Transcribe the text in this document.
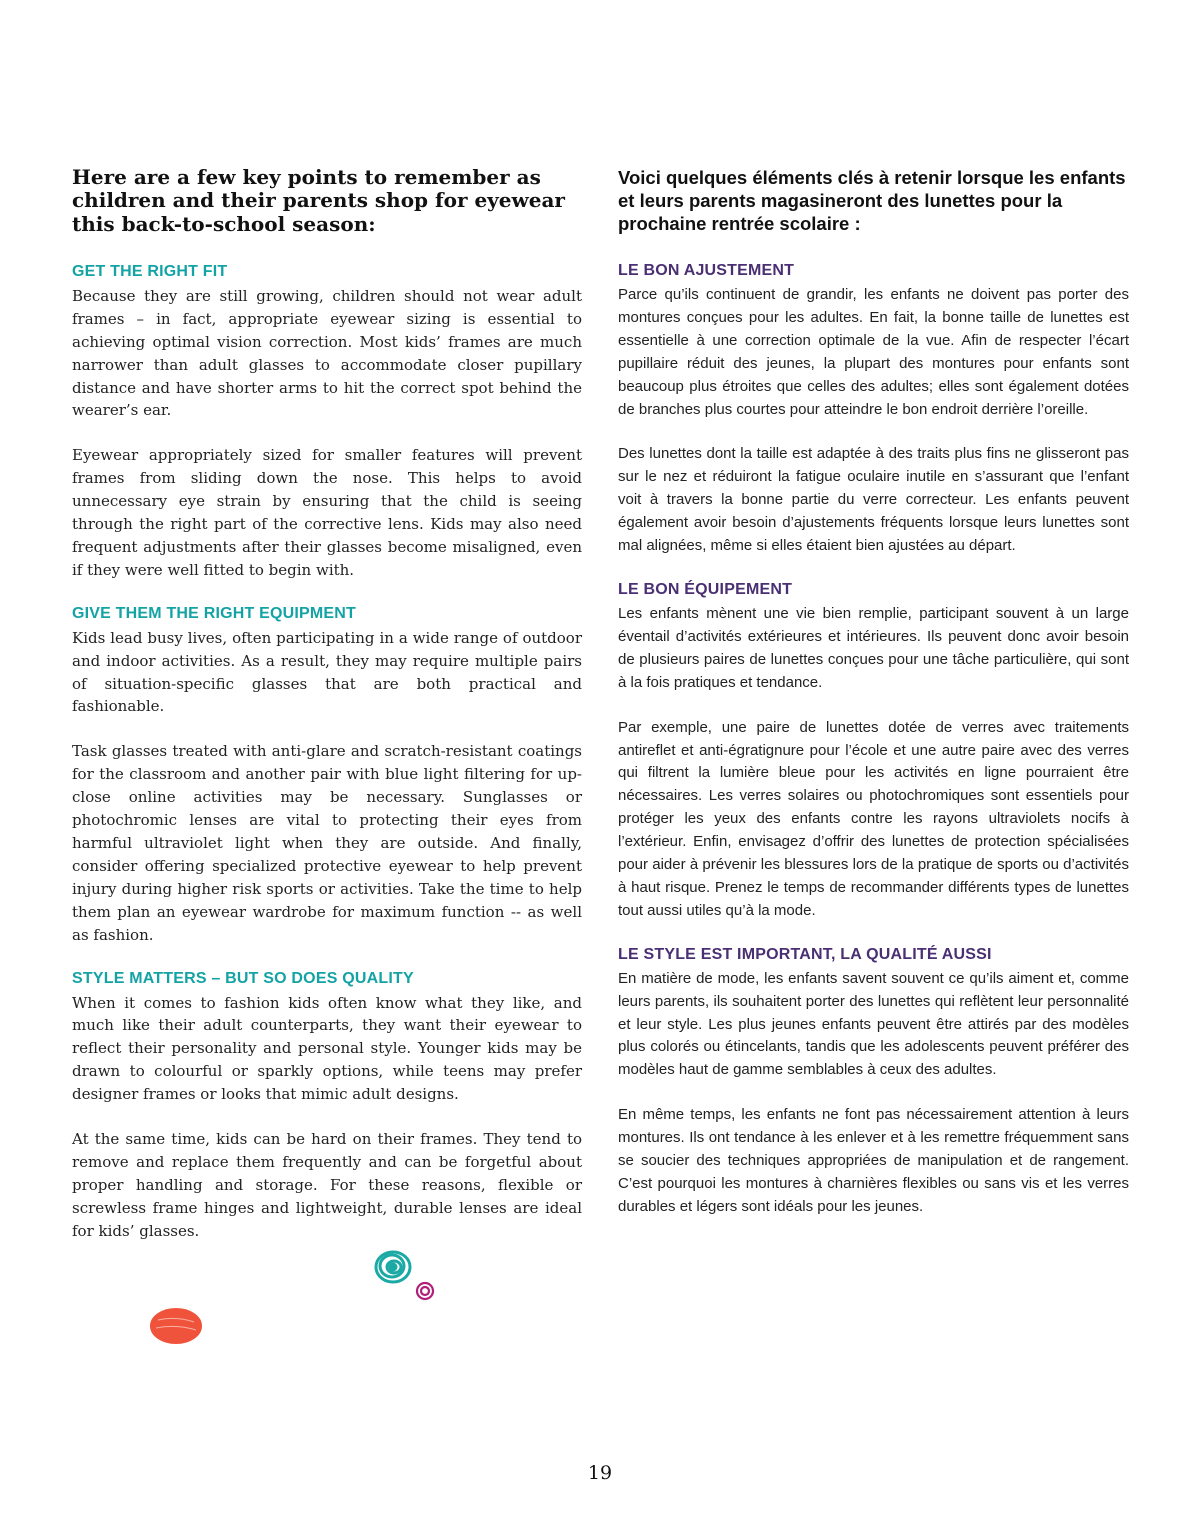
Here are a few key points to remember as children and their parents shop for eyewear this back-to-school season:

GET THE RIGHT FIT

Because they are still growing, children should not wear adult frames – in fact, appropriate eyewear sizing is essential to achieving optimal vision correction. Most kids’ frames are much narrower than adult glasses to accommodate closer pupillary distance and have shorter arms to hit the correct spot behind the wearer’s ear.

Eyewear appropriately sized for smaller features will prevent frames from sliding down the nose. This helps to avoid unnecessary eye strain by ensuring that the child is seeing through the right part of the corrective lens. Kids may also need frequent adjustments after their glasses become misaligned, even if they were well fitted to begin with.

GIVE THEM THE RIGHT EQUIPMENT

Kids lead busy lives, often participating in a wide range of outdoor and indoor activities. As a result, they may require multiple pairs of situation-specific glasses that are both practical and fashionable.

Task glasses treated with anti-glare and scratch-resistant coatings for the classroom and another pair with blue light filtering for up-close online activities may be necessary. Sunglasses or photochromic lenses are vital to protecting their eyes from harmful ultraviolet light when they are outside. And finally, consider offering specialized protective eyewear to help prevent injury during higher risk sports or activities. Take the time to help them plan an eyewear wardrobe for maximum function -- as well as fashion.

STYLE MATTERS – BUT SO DOES QUALITY

When it comes to fashion kids often know what they like, and much like their adult counterparts, they want their eyewear to reflect their personality and personal style. Younger kids may be drawn to colourful or sparkly options, while teens may prefer designer frames or looks that mimic adult designs.

At the same time, kids can be hard on their frames. They tend to remove and replace them frequently and can be forgetful about proper handling and storage. For these reasons, flexible or screwless frame hinges and lightweight, durable lenses are ideal for kids’ glasses.

Voici quelques éléments clés à retenir lorsque les enfants et leurs parents magasineront des lunettes pour la prochaine rentrée scolaire :

LE BON AJUSTEMENT

Parce qu’ils continuent de grandir, les enfants ne doivent pas porter des montures conçues pour les adultes. En fait, la bonne taille de lunettes est essentielle à une correction optimale de la vue. Afin de respecter l’écart pupillaire réduit des jeunes, la plupart des montures pour enfants sont beaucoup plus étroites que celles des adultes; elles sont également dotées de branches plus courtes pour atteindre le bon endroit derrière l’oreille.

Des lunettes dont la taille est adaptée à des traits plus fins ne glisseront pas sur le nez et réduiront la fatigue oculaire inutile en s’assurant que l’enfant voit à travers la bonne partie du verre correcteur. Les enfants peuvent également avoir besoin d’ajustements fréquents lorsque leurs lunettes sont mal alignées, même si elles étaient bien ajustées au départ.

LE BON ÉQUIPEMENT

Les enfants mènent une vie bien remplie, participant souvent à un large éventail d’activités extérieures et intérieures. Ils peuvent donc avoir besoin de plusieurs paires de lunettes conçues pour une tâche particulière, qui sont à la fois pratiques et tendance.

Par exemple, une paire de lunettes dotée de verres avec traitements antireflet et anti-égratignure pour l’école et une autre paire avec des verres qui filtrent la lumière bleue pour les activités en ligne pourraient être nécessaires. Les verres solaires ou photochromiques sont essentiels pour protéger les yeux des enfants contre les rayons ultraviolets nocifs à l’extérieur. Enfin, envisagez d’offrir des lunettes de protection spécialisées pour aider à prévenir les blessures lors de la pratique de sports ou d’activités à haut risque. Prenez le temps de recommander différents types de lunettes tout aussi utiles qu’à la mode.

LE STYLE EST IMPORTANT, LA QUALITÉ AUSSI

En matière de mode, les enfants savent souvent ce qu’ils aiment et, comme leurs parents, ils souhaitent porter des lunettes qui reflètent leur personnalité et leur style. Les plus jeunes enfants peuvent être attirés par des modèles plus colorés ou étincelants, tandis que les adolescents peuvent préférer des modèles haut de gamme semblables à ceux des adultes.

En même temps, les enfants ne font pas nécessairement attention à leurs montures. Ils ont tendance à les enlever et à les remettre fréquemment sans se soucier des techniques appropriées de manipulation et de rangement. C’est pourquoi les montures à charnières flexibles ou sans vis et les verres durables et légers sont idéals pour les jeunes.

19
